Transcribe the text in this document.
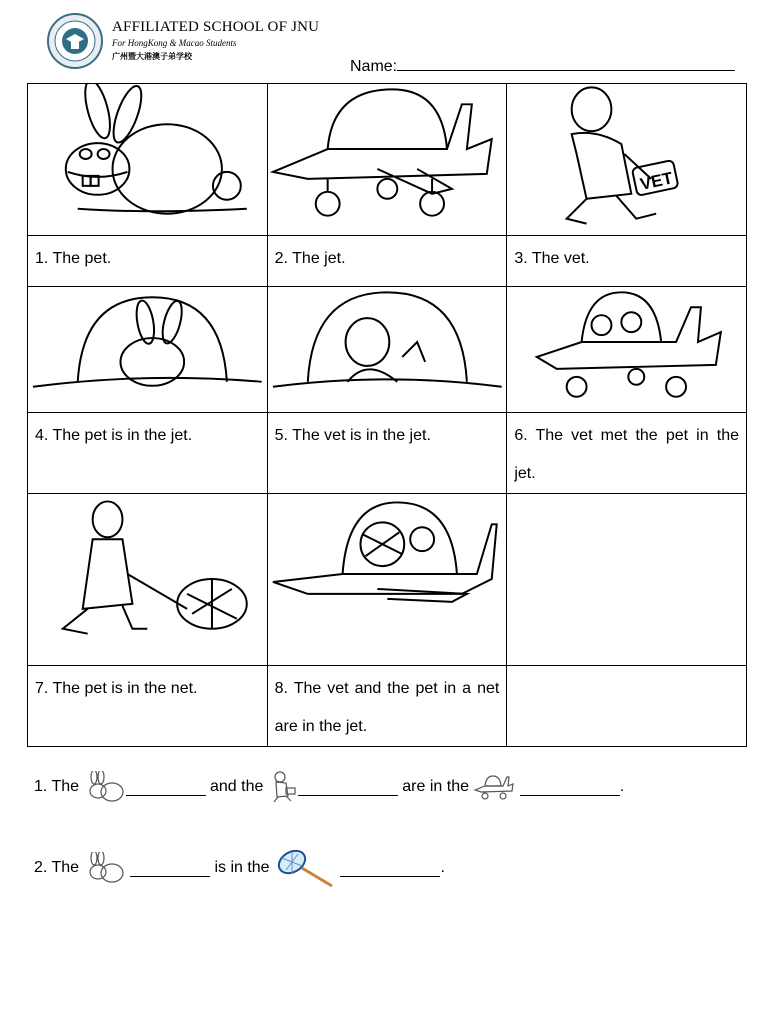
AFFILIATED SCHOOL OF JNU
For HongKong & Macao Students
广州暨大港澳子弟学校
Name:

VET

1. The pet.	2. The jet.	3. The vet.

4. The pet is in the jet.	5. The vet is in the jet.	6. The vet met the pet in the jet.

7. The pet is in the net.	8. The vet and the pet in a net are in the jet.	
1. The	and the	are in the	.
2. The	is in the	.
